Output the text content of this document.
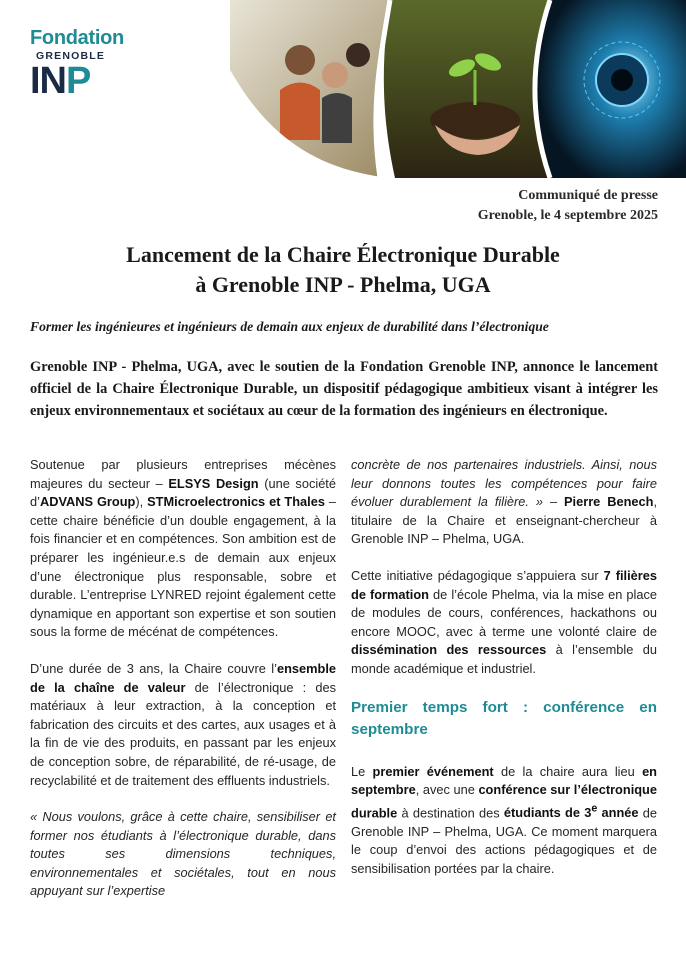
Fondation
GRENOBLE
INP
Communiqué de presse
Grenoble, le 4 septembre 2025
Lancement de la Chaire Électronique Durable
à Grenoble INP - Phelma, UGA
Former les ingénieures et ingénieurs de demain aux enjeux de durabilité dans l’électronique
Grenoble INP - Phelma, UGA, avec le soutien de la Fondation Grenoble INP, annonce le lancement officiel de la Chaire Électronique Durable, un dispositif pédagogique ambitieux visant à intégrer les enjeux environnementaux et sociétaux au cœur de la formation des ingénieurs en électronique.

Soutenue par plusieurs entreprises mécènes majeures du secteur – ELSYS Design (une société d’ADVANS Group), STMicroelectronics et Thales – cette chaire bénéficie d’un double engagement, à la fois financier et en compétences. Son ambition est de préparer les ingénieur.e.s de demain aux enjeux d’une électronique plus responsable, sobre et durable. L’entreprise LYNRED rejoint également cette dynamique en apportant son expertise et son soutien sous la forme de mécénat de compétences.

D’une durée de 3 ans, la Chaire couvre l’ensemble de la chaîne de valeur de l’électronique : des matériaux à leur extraction, à la conception et fabrication des circuits et des cartes, aux usages et à la fin de vie des produits, en passant par les enjeux de conception sobre, de réparabilité, de ré-usage, de recyclabilité et de traitement des effluents industriels.

« Nous voulons, grâce à cette chaire, sensibiliser et former nos étudiants à l’électronique durable, dans toutes ses dimensions techniques, environnementales et sociétales, tout en nous appuyant sur l’expertise

concrète de nos partenaires industriels. Ainsi, nous leur donnons toutes les compétences pour faire évoluer durablement la filière. » – Pierre Benech, titulaire de la Chaire et enseignant-chercheur à Grenoble INP – Phelma, UGA.

Cette initiative pédagogique s’appuiera sur 7 filières de formation de l’école Phelma, via la mise en place de modules de cours, conférences, hackathons ou encore MOOC, avec à terme une volonté claire de dissémination des ressources à l’ensemble du monde académique et industriel.

Premier temps fort : conférence en septembre

Le premier événement de la chaire aura lieu en septembre, avec une conférence sur l’électronique durable à destination des étudiants de 3e année de Grenoble INP – Phelma, UGA. Ce moment marquera le coup d’envoi des actions pédagogiques et de sensibilisation portées par la chaire.
